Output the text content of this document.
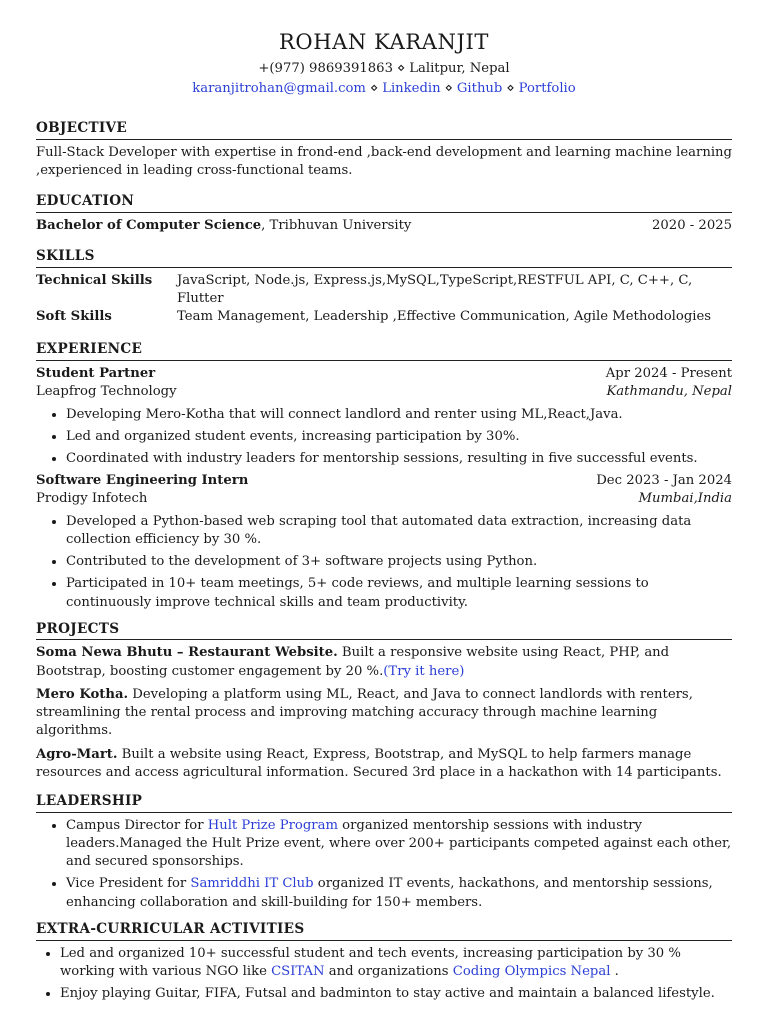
ROHAN KARANJIT
+(977) 9869391863 ⋄ Lalitpur, Nepal
karanjitrohan@gmail.com ⋄ Linkedin ⋄ Github ⋄ Portfolio
OBJECTIVE

Full-Stack Developer with expertise in frond-end ,back-end development and learning machine learning ,experienced in leading cross-functional teams.

EDUCATION
Bachelor of Computer Science, Tribhuvan University	2020 - 2025
SKILLS
Technical Skills	JavaScript, Node.js, Express.js,MySQL,TypeScript,RESTFUL API, C, C++, C, Flutter
Soft Skills	Team Management, Leadership ,Effective Communication, Agile Methodologies
EXPERIENCE
Student Partner	Apr 2024 - Present
Leapfrog Technology	Kathmandu, Nepal
• Developing Mero-Kotha that will connect landlord and renter using ML,React,Java.
• Led and organized student events, increasing participation by 30%.
• Coordinated with industry leaders for mentorship sessions, resulting in five successful events.
Software Engineering Intern	Dec 2023 - Jan 2024
Prodigy Infotech	Mumbai,India
• Developed a Python-based web scraping tool that automated data extraction, increasing data collection efficiency by 30 %.
• Contributed to the development of 3+ software projects using Python.
• Participated in 10+ team meetings, 5+ code reviews, and multiple learning sessions to continuously improve technical skills and team productivity.
PROJECTS

Soma Newa Bhutu – Restaurant Website. Built a responsive website using React, PHP, and Bootstrap, boosting customer engagement by 20 %.(Try it here)

Mero Kotha. Developing a platform using ML, React, and Java to connect landlords with renters, streamlining the rental process and improving matching accuracy through machine learning algorithms.

Agro-Mart. Built a website using React, Express, Bootstrap, and MySQL to help farmers manage resources and access agricultural information. Secured 3rd place in a hackathon with 14 participants.

LEADERSHIP
• Campus Director for Hult Prize Program organized mentorship sessions with industry leaders.Managed the Hult Prize event, where over 200+ participants competed against each other, and secured sponsorships.
• Vice President for Samriddhi IT Club organized IT events, hackathons, and mentorship sessions, enhancing collaboration and skill-building for 150+ members.
EXTRA-CURRICULAR ACTIVITIES
• Led and organized 10+ successful student and tech events, increasing participation by 30 % working with various NGO like CSITAN and organizations Coding Olympics Nepal .
• Enjoy playing Guitar, FIFA, Futsal and badminton to stay active and maintain a balanced lifestyle.
